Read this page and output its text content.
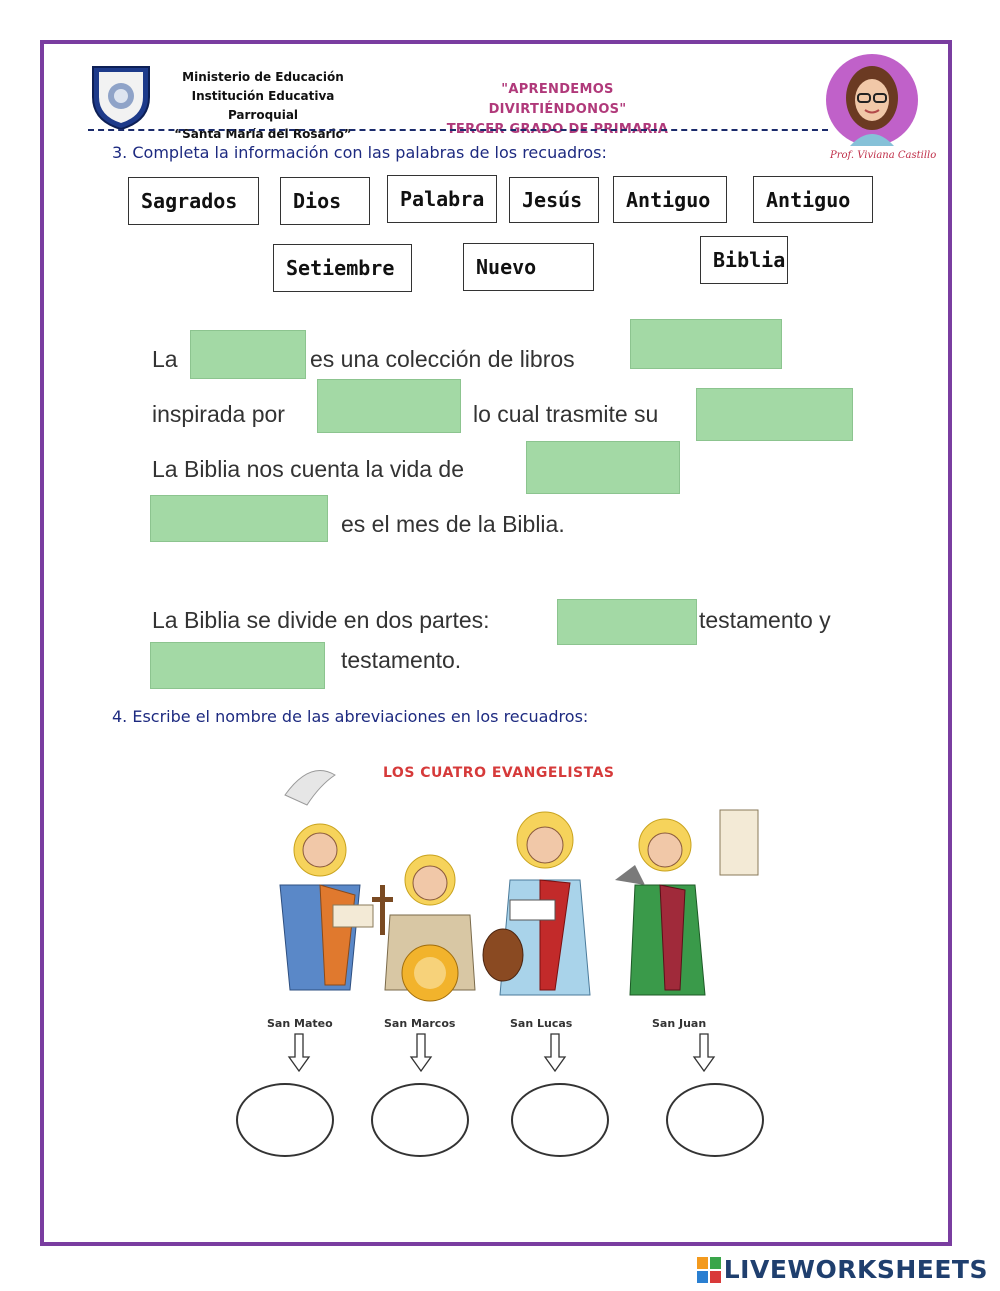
Ministerio de Educación
Institución Educativa Parroquial
“Santa María del Rosario”
"APRENDEMOS DIVIRTIÉNDONOS"
TERCER GRADO DE PRIMARIA
Prof. Viviana Castillo
3. Completa la información con las palabras de los recuadros:
Sagrados	Dios	Palabra	Jesús	Antiguo	Antiguo
Setiembre	Nuevo	Biblia
La	es una colección de libros
inspirada por	lo cual trasmite su
La Biblia nos cuenta la vida de
es el mes de la Biblia.
La Biblia se divide en dos partes:	testamento y
testamento.
4. Escribe el nombre de las abreviaciones en los recuadros:
LOS CUATRO EVANGELISTAS
San Mateo	San Marcos	San Lucas	San Juan
LIVEWORKSHEETS
